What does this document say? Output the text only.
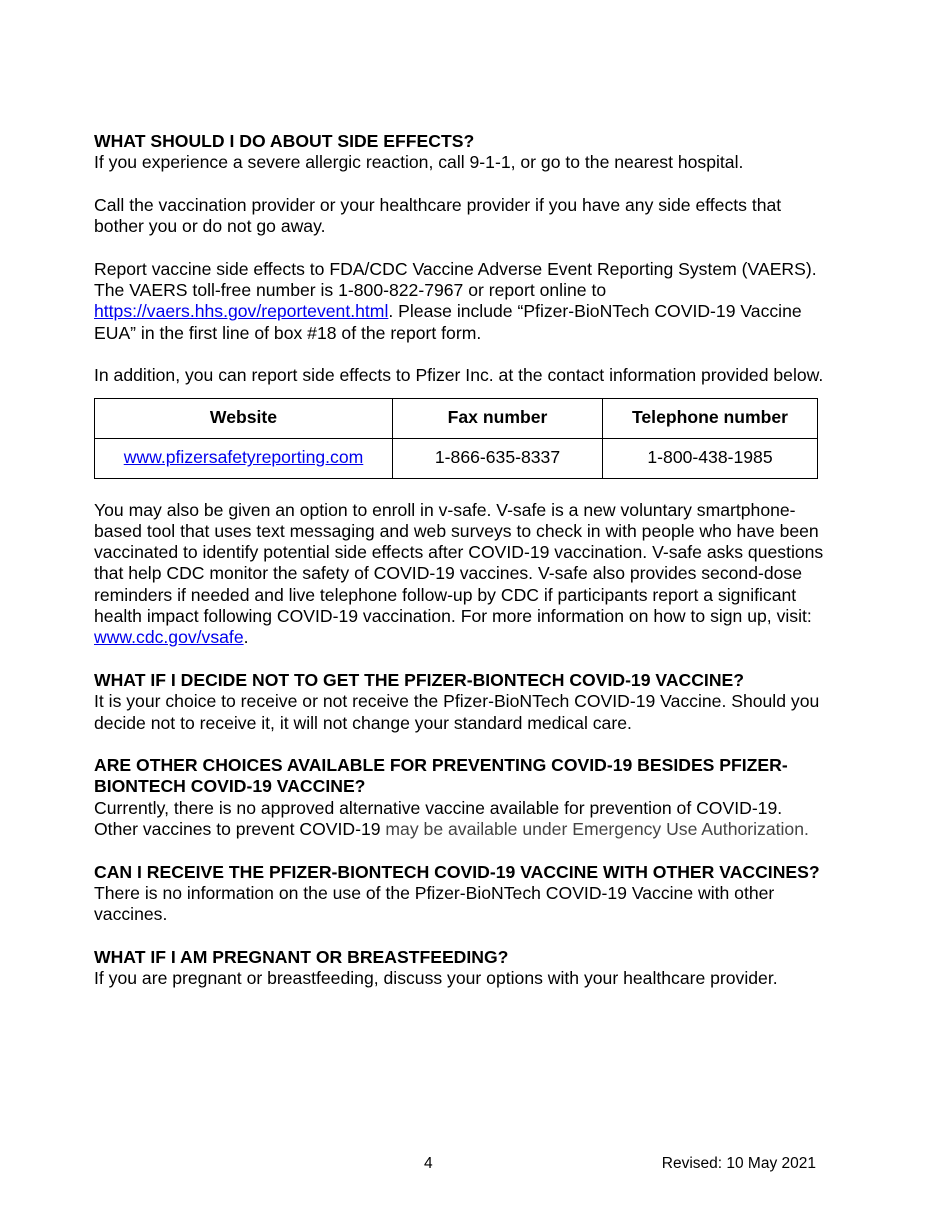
WHAT SHOULD I DO ABOUT SIDE EFFECTS?

If you experience a severe allergic reaction, call 9-1-1, or go to the nearest hospital.

Call the vaccination provider or your healthcare provider if you have any side effects that bother you or do not go away.

Report vaccine side effects to FDA/CDC Vaccine Adverse Event Reporting System (VAERS). The VAERS toll-free number is 1-800-822-7967 or report online to https://vaers.hhs.gov/reportevent.html. Please include “Pfizer-BioNTech COVID-19 Vaccine EUA” in the first line of box #18 of the report form.

In addition, you can report side effects to Pfizer Inc. at the contact information provided below.

Website	Fax number	Telephone number
www.pfizersafetyreporting.com	1-866-635-8337	1-800-438-1985

You may also be given an option to enroll in v-safe. V-safe is a new voluntary smartphone-based tool that uses text messaging and web surveys to check in with people who have been vaccinated to identify potential side effects after COVID-19 vaccination. V-safe asks questions that help CDC monitor the safety of COVID-19 vaccines. V-safe also provides second-dose reminders if needed and live telephone follow-up by CDC if participants report a significant health impact following COVID-19 vaccination. For more information on how to sign up, visit: www.cdc.gov/vsafe.

WHAT IF I DECIDE NOT TO GET THE PFIZER-BIONTECH COVID-19 VACCINE?

It is your choice to receive or not receive the Pfizer-BioNTech COVID-19 Vaccine. Should you decide not to receive it, it will not change your standard medical care.

ARE OTHER CHOICES AVAILABLE FOR PREVENTING COVID-19 BESIDES PFIZER-BIONTECH COVID-19 VACCINE?

Currently, there is no approved alternative vaccine available for prevention of COVID-19. Other vaccines to prevent COVID-19 may be available under Emergency Use Authorization.

CAN I RECEIVE THE PFIZER-BIONTECH COVID-19 VACCINE WITH OTHER VACCINES?

There is no information on the use of the Pfizer-BioNTech COVID-19 Vaccine with other vaccines.

WHAT IF I AM PREGNANT OR BREASTFEEDING?

If you are pregnant or breastfeeding, discuss your options with your healthcare provider.

4	Revised: 10 May 2021
